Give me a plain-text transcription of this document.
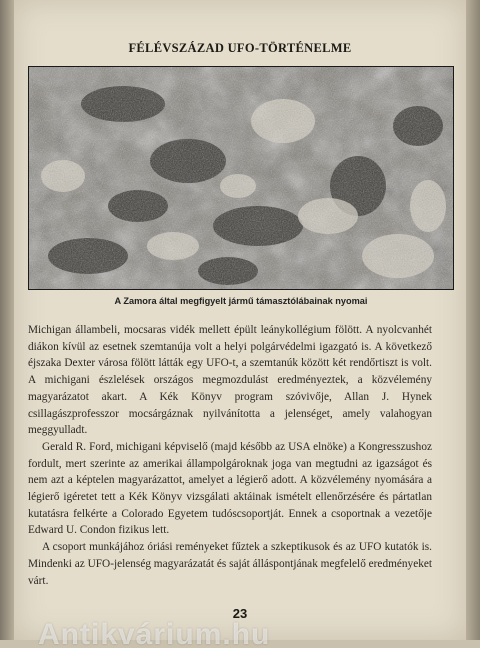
FÉLÉVSZÁZAD UFO-TÖRTÉNELME
A Zamora által megfigyelt jármű támasztólábainak nyomai

Michigan állambeli, mocsaras vidék mellett épült leánykollégium fölött. A nyolcvanhét diákon kívül az esetnek szemtanúja volt a helyi polgárvédelmi igazgató is. A következő éjszaka Dexter városa fölött látták egy UFO-t, a szemtanúk között két rendőrtiszt is volt. A michigani észlelések országos megmozdulást eredményeztek, a közvélemény magyarázatot akart. A Kék Könyv program szóvivője, Allan J. Hynek csillagászprofesszor mocsárgáznak nyilvánította a jelenséget, amely valahogyan meggyulladt.

Gerald R. Ford, michigani képviselő (majd később az USA elnöke) a Kongresszushoz fordult, mert szerinte az amerikai állampolgároknak joga van megtudni az igazságot és nem azt a képtelen magyarázattot, amelyet a légierő adott. A közvélemény nyomására a légierő igéretet tett a Kék Könyv vizsgálati aktáinak ismételt ellenőrzésére és pártatlan kutatásra felkérte a Colorado Egyetem tudóscsoportját. Ennek a csoportnak a vezetője Edward U. Condon fizikus lett.

A csoport munkájához óriási reményeket fűztek a szkeptikusok és az UFO kutatók is. Mindenki az UFO-jelenség magyarázatát és saját álláspontjának megfelelő eredményeket várt.

23
Antikvárium.hu
